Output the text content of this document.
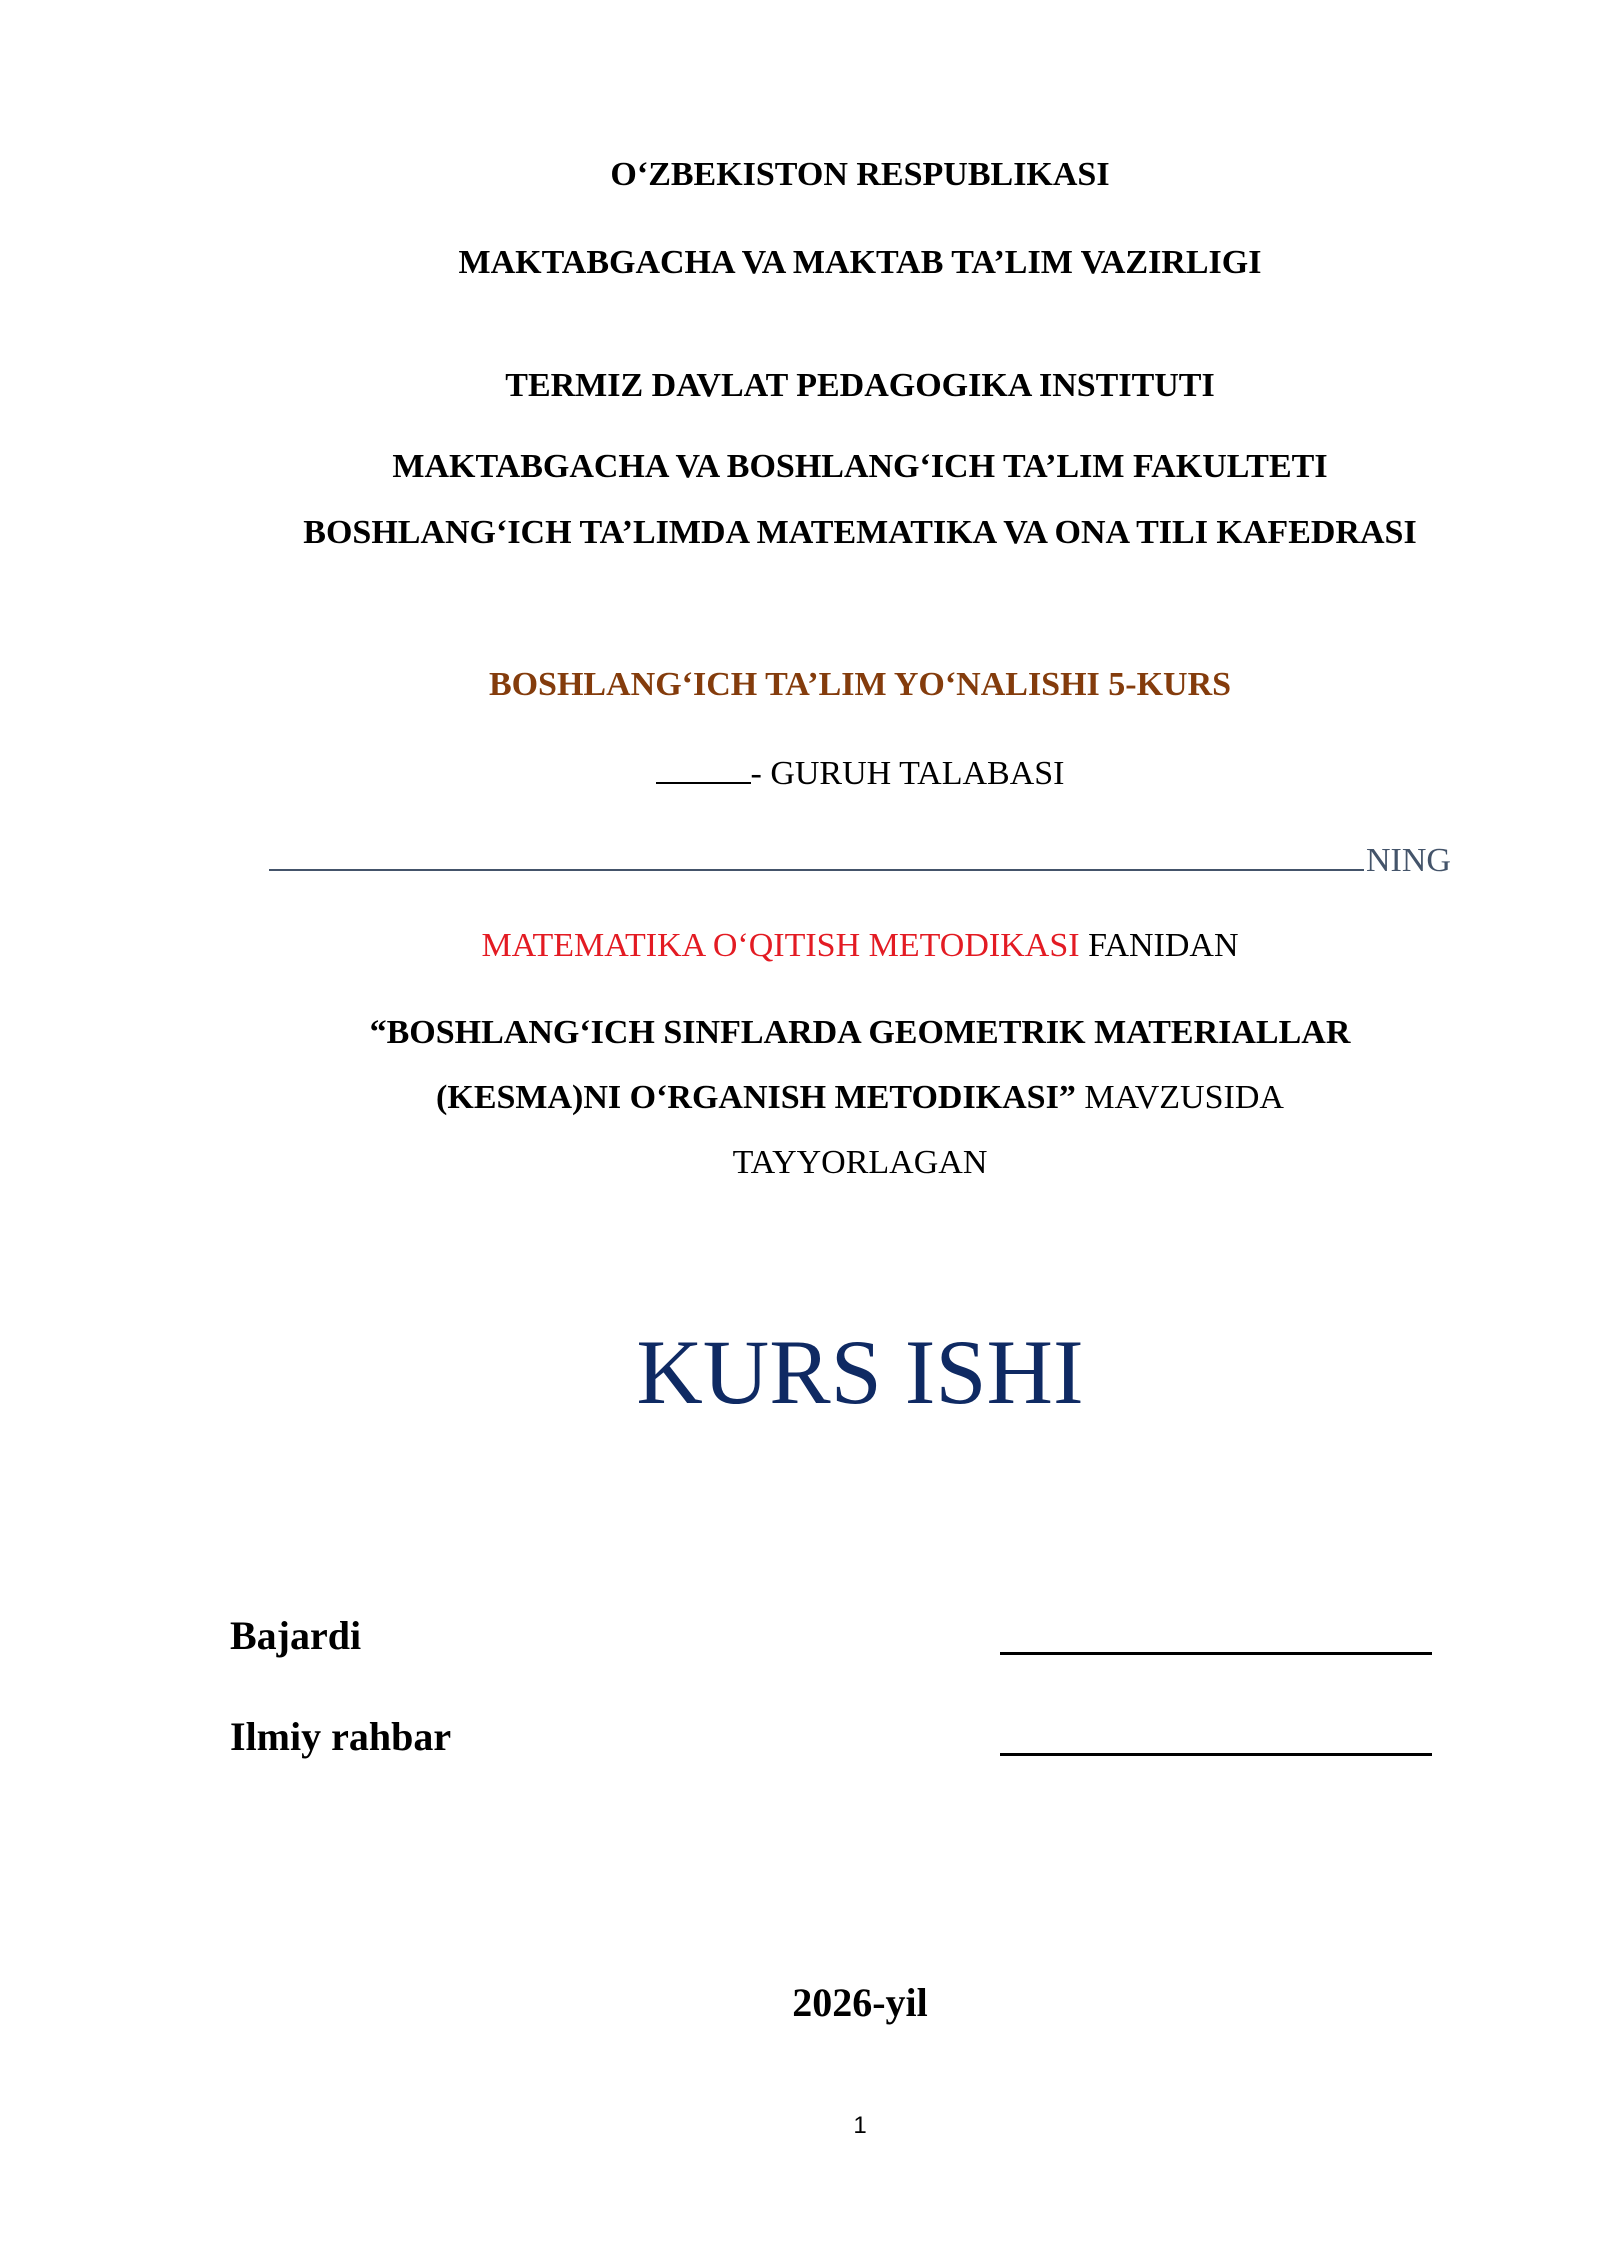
O‘ZBEKISTON RESPUBLIKASI
MAKTABGACHA VA MAKTAB TA’LIM VAZIRLIGI
TERMIZ DAVLAT PEDAGOGIKA INSTITUTI
MAKTABGACHA VA BOSHLANG‘ICH TA’LIM FAKULTETI
BOSHLANG‘ICH TA’LIMDA MATEMATIKA VA ONA TILI KAFEDRASI
BOSHLANG‘ICH TA’LIM YO‘NALISHI 5-KURS
- GURUH TALABASI
NING
MATEMATIKA O‘QITISH METODIKASI FANIDAN
“BOSHLANG‘ICH SINFLARDA GEOMETRIK MATERIALLAR
(KESMA)NI O‘RGANISH METODIKASI” MAVZUSIDA
TAYYORLAGAN
KURS ISHI
Bajardi
Ilmiy rahbar
2026-yil
1
